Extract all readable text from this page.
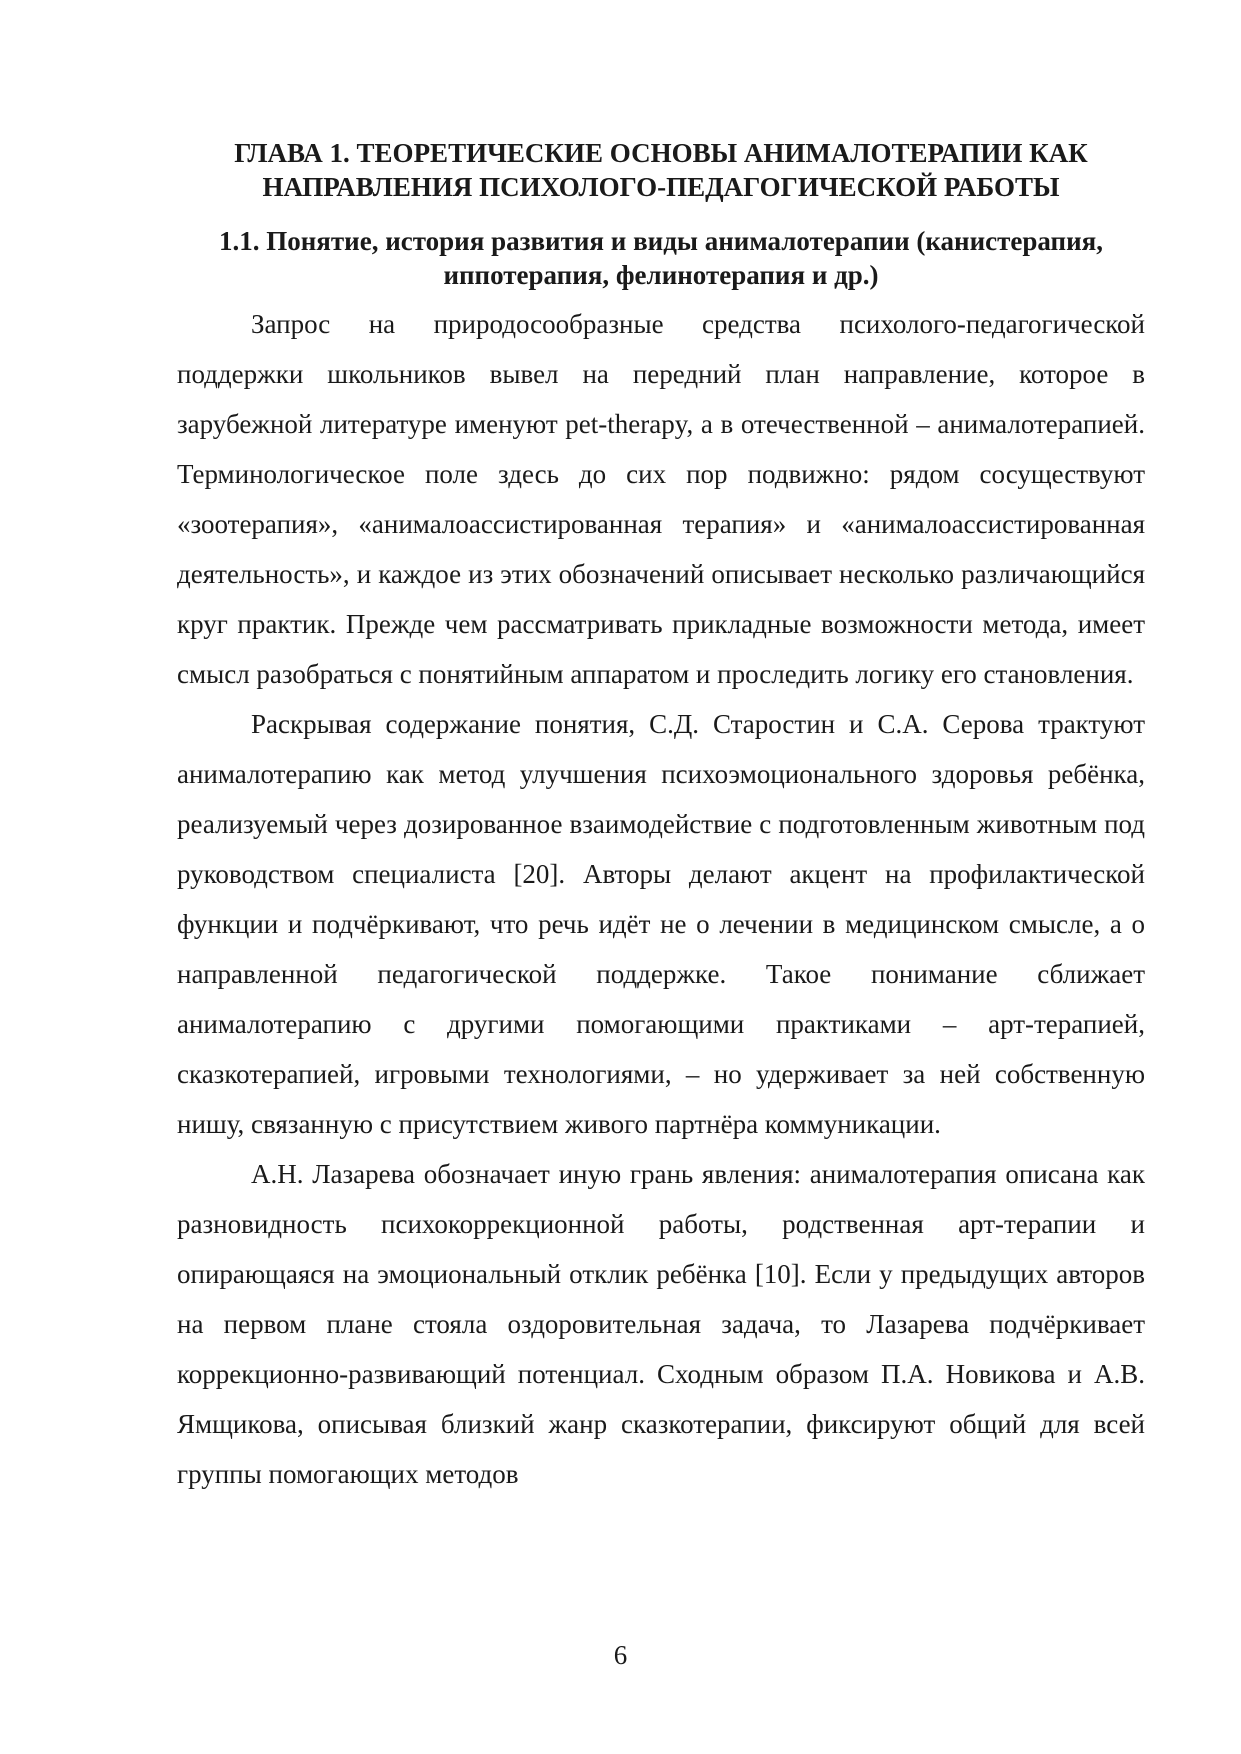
ГЛАВА 1. ТЕОРЕТИЧЕСКИЕ ОСНОВЫ АНИМАЛОТЕРАПИИ КАК НАПРАВЛЕНИЯ ПСИХОЛОГО-ПЕДАГОГИЧЕСКОЙ РАБОТЫ
1.1. Понятие, история развития и виды анималотерапии (канистерапия, иппотерапия, фелинотерапия и др.)

Запрос на природосообразные средства психолого-педагогической поддержки школьников вывел на передний план направление, которое в зарубежной литературе именуют pet-therapy, а в отечественной – анималотерапией. Терминологическое поле здесь до сих пор подвижно: рядом сосуществуют «зоотерапия», «анималоассистированная терапия» и «анималоассистированная деятельность», и каждое из этих обозначений описывает несколько различающийся круг практик. Прежде чем рассматривать прикладные возможности метода, имеет смысл разобраться с понятийным аппаратом и проследить логику его становления.

Раскрывая содержание понятия, С.Д. Старостин и С.А. Серова трактуют анималотерапию как метод улучшения психоэмоционального здоровья ребёнка, реализуемый через дозированное взаимодействие с подготовленным животным под руководством специалиста [20]. Авторы делают акцент на профилактической функции и подчёркивают, что речь идёт не о лечении в медицинском смысле, а о направленной педагогической поддержке. Такое понимание сближает анималотерапию с другими помогающими практиками – арт-терапией, сказкотерапией, игровыми технологиями, – но удерживает за ней собственную нишу, связанную с присутствием живого партнёра коммуникации.

А.Н. Лазарева обозначает иную грань явления: анималотерапия описана как разновидность психокоррекционной работы, родственная арт-терапии и опирающаяся на эмоциональный отклик ребёнка [10]. Если у предыдущих авторов на первом плане стояла оздоровительная задача, то Лазарева подчёркивает коррекционно-развивающий потенциал. Сходным образом П.А. Новикова и А.В. Ямщикова, описывая близкий жанр сказкотерапии, фиксируют общий для всей группы помогающих методов

6
